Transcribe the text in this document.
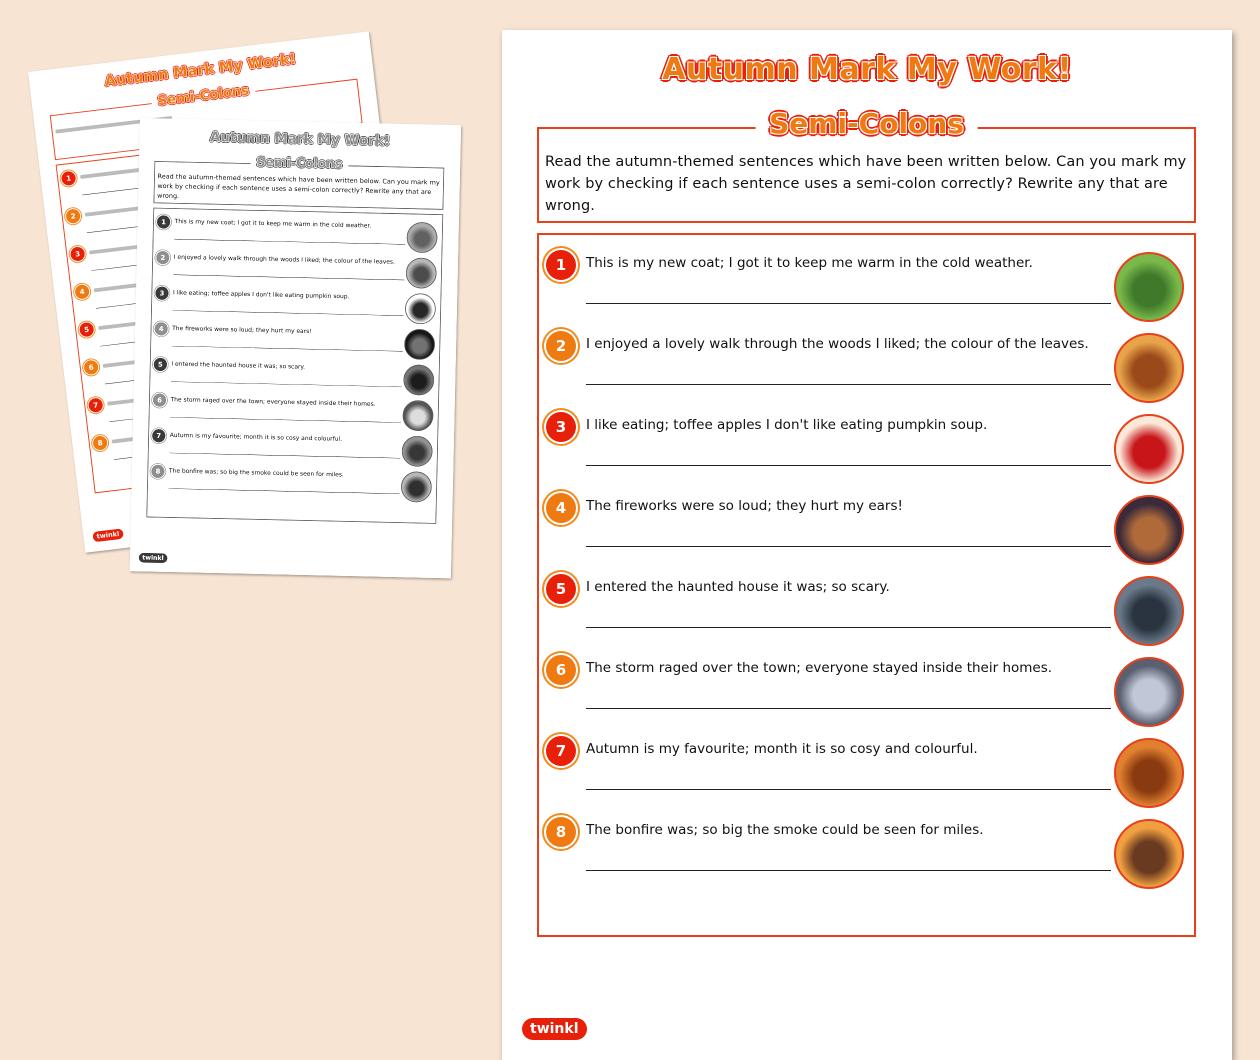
Autumn Mark My Work!
Semi-Colons
1
2
3
4
5
6
7
8
twinkl
Autumn Mark My Work!
Semi-Colons
Read the autumn-themed sentences which have been written below. Can you mark my work by checking if each sentence uses a semi-colon correctly? Rewrite any that are wrong.
1 This is my new coat; I got it to keep me warm in the cold weather.
2 I enjoyed a lovely walk through the woods I liked; the colour of the leaves.
3 I like eating; toffee apples I don't like eating pumpkin soup.
4 The fireworks were so loud; they hurt my ears!
5 I entered the haunted house it was; so scary.
6 The storm raged over the town; everyone stayed inside their homes.
7 Autumn is my favourite; month it is so cosy and colourful.
8 The bonfire was; so big the smoke could be seen for miles.
twinkl
Autumn Mark My Work!
Semi-Colons
Read the autumn-themed sentences which have been written below. Can you mark my work by checking if each sentence uses a semi-colon correctly? Rewrite any that are wrong.
1	This is my new coat; I got it to keep me warm in the cold weather.
2	I enjoyed a lovely walk through the woods I liked; the colour of the leaves.
3	I like eating; toffee apples I don't like eating pumpkin soup.
4	The fireworks were so loud; they hurt my ears!
5	I entered the haunted house it was; so scary.
6	The storm raged over the town; everyone stayed inside their homes.
7	Autumn is my favourite; month it is so cosy and colourful.
8	The bonfire was; so big the smoke could be seen for miles.
twinkl
